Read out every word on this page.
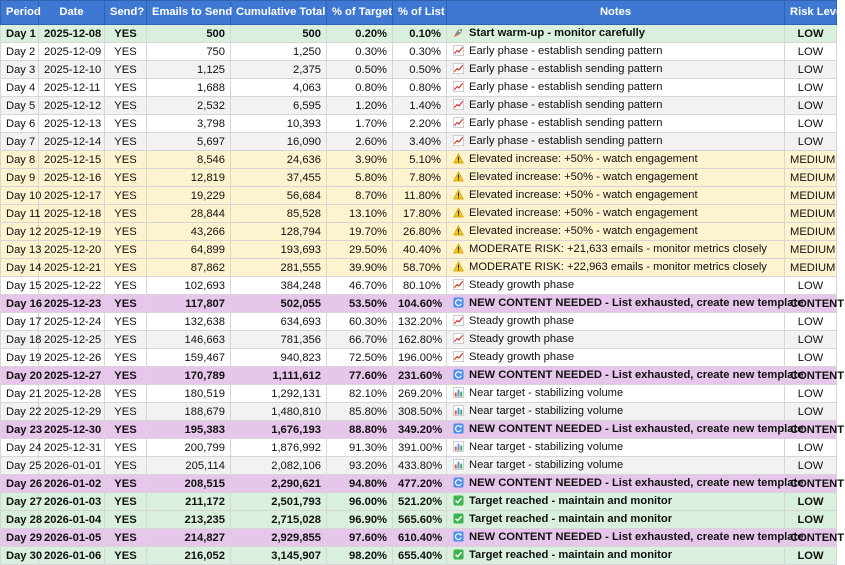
Period	Date	Send?	Emails to Send	Cumulative Total	% of Target	% of List	Notes	Risk Level
Day 1	2025-12-08	YES	500	500	0.20%	0.10%	Start warm-up - monitor carefully	LOW
Day 2	2025-12-09	YES	750	1,250	0.30%	0.30%	Early phase - establish sending pattern	LOW
Day 3	2025-12-10	YES	1,125	2,375	0.50%	0.50%	Early phase - establish sending pattern	LOW
Day 4	2025-12-11	YES	1,688	4,063	0.80%	0.80%	Early phase - establish sending pattern	LOW
Day 5	2025-12-12	YES	2,532	6,595	1.20%	1.40%	Early phase - establish sending pattern	LOW
Day 6	2025-12-13	YES	3,798	10,393	1.70%	2.20%	Early phase - establish sending pattern	LOW
Day 7	2025-12-14	YES	5,697	16,090	2.60%	3.40%	Early phase - establish sending pattern	LOW
Day 8	2025-12-15	YES	8,546	24,636	3.90%	5.10%	Elevated increase: +50% - watch engagement	MEDIUM
Day 9	2025-12-16	YES	12,819	37,455	5.80%	7.80%	Elevated increase: +50% - watch engagement	MEDIUM
Day 10	2025-12-17	YES	19,229	56,684	8.70%	11.80%	Elevated increase: +50% - watch engagement	MEDIUM
Day 11	2025-12-18	YES	28,844	85,528	13.10%	17.80%	Elevated increase: +50% - watch engagement	MEDIUM
Day 12	2025-12-19	YES	43,266	128,794	19.70%	26.80%	Elevated increase: +50% - watch engagement	MEDIUM
Day 13	2025-12-20	YES	64,899	193,693	29.50%	40.40%	MODERATE RISK: +21,633 emails - monitor metrics closely	MEDIUM
Day 14	2025-12-21	YES	87,862	281,555	39.90%	58.70%	MODERATE RISK: +22,963 emails - monitor metrics closely	MEDIUM
Day 15	2025-12-22	YES	102,693	384,248	46.70%	80.10%	Steady growth phase	LOW
Day 16	2025-12-23	YES	117,807	502,055	53.50%	104.60%	NEW CONTENT NEEDED - List exhausted, create new template	CONTENT
Day 17	2025-12-24	YES	132,638	634,693	60.30%	132.20%	Steady growth phase	LOW
Day 18	2025-12-25	YES	146,663	781,356	66.70%	162.80%	Steady growth phase	LOW
Day 19	2025-12-26	YES	159,467	940,823	72.50%	196.00%	Steady growth phase	LOW
Day 20	2025-12-27	YES	170,789	1,111,612	77.60%	231.60%	NEW CONTENT NEEDED - List exhausted, create new template	CONTENT
Day 21	2025-12-28	YES	180,519	1,292,131	82.10%	269.20%	Near target - stabilizing volume	LOW
Day 22	2025-12-29	YES	188,679	1,480,810	85.80%	308.50%	Near target - stabilizing volume	LOW
Day 23	2025-12-30	YES	195,383	1,676,193	88.80%	349.20%	NEW CONTENT NEEDED - List exhausted, create new template	CONTENT
Day 24	2025-12-31	YES	200,799	1,876,992	91.30%	391.00%	Near target - stabilizing volume	LOW
Day 25	2026-01-01	YES	205,114	2,082,106	93.20%	433.80%	Near target - stabilizing volume	LOW
Day 26	2026-01-02	YES	208,515	2,290,621	94.80%	477.20%	NEW CONTENT NEEDED - List exhausted, create new template	CONTENT
Day 27	2026-01-03	YES	211,172	2,501,793	96.00%	521.20%	Target reached - maintain and monitor	LOW
Day 28	2026-01-04	YES	213,235	2,715,028	96.90%	565.60%	Target reached - maintain and monitor	LOW
Day 29	2026-01-05	YES	214,827	2,929,855	97.60%	610.40%	NEW CONTENT NEEDED - List exhausted, create new template	CONTENT
Day 30	2026-01-06	YES	216,052	3,145,907	98.20%	655.40%	Target reached - maintain and monitor	LOW
